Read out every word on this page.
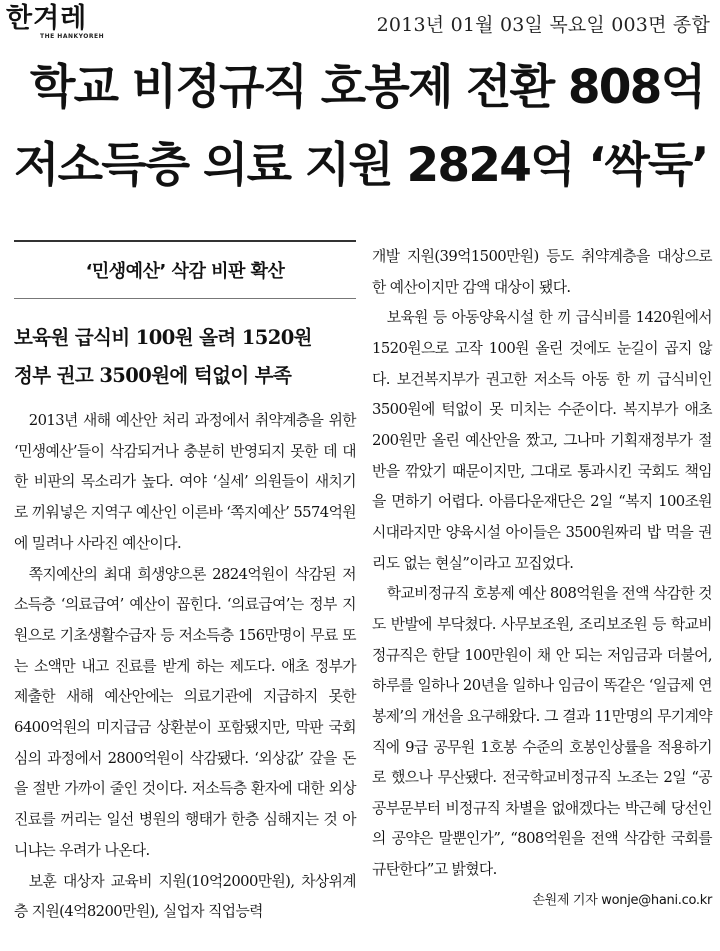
한겨레
THE HANKYOREH
2013년 01월 03일 목요일 003면 종합
학교 비정규직 호봉제 전환 808억
저소득층 의료 지원 2824억 ‘싹둑’
‘민생예산’ 삭감 비판 확산
보육원 급식비 100원 올려 1520원
정부 권고 3500원에 턱없이 부족

2013년 새해 예산안 처리 과정에서 취약계층을 위한 ‘민생예산’들이 삭감되거나 충분히 반영되지 못한 데 대한 비판의 목소리가 높다. 여야 ‘실세’ 의원들이 새치기로 끼워넣은 지역구 예산인 이른바 ‘쪽지예산’ 5574억원에 밀려나 사라진 예산이다.

쪽지예산의 최대 희생양으론 2824억원이 삭감된 저소득층 ‘의료급여’ 예산이 꼽힌다. ‘의료급여’는 정부 지원으로 기초생활수급자 등 저소득층 156만명이 무료 또는 소액만 내고 진료를 받게 하는 제도다. 애초 정부가 제출한 새해 예산안에는 의료기관에 지급하지 못한 6400억원의 미지급금 상환분이 포함됐지만, 막판 국회 심의 과정에서 2800억원이 삭감됐다. ‘외상값’ 갚을 돈을 절반 가까이 줄인 것이다. 저소득층 환자에 대한 외상 진료를 꺼리는 일선 병원의 행태가 한층 심해지는 것 아니냐는 우려가 나온다.

보훈 대상자 교육비 지원(10억2000만원), 차상위계층 지원(4억8200만원), 실업자 직업능력

개발 지원(39억1500만원) 등도 취약계층을 대상으로 한 예산이지만 감액 대상이 됐다.

보육원 등 아동양육시설 한 끼 급식비를 1420원에서 1520원으로 고작 100원 올린 것에도 눈길이 곱지 않다. 보건복지부가 권고한 저소득 아동 한 끼 급식비인 3500원에 턱없이 못 미치는 수준이다. 복지부가 애초 200원만 올린 예산안을 짰고, 그나마 기획재정부가 절반을 깎았기 때문이지만, 그대로 통과시킨 국회도 책임을 면하기 어렵다. 아름다운재단은 2일 “복지 100조원 시대라지만 양육시설 아이들은 3500원짜리 밥 먹을 권리도 없는 현실”이라고 꼬집었다.

학교비정규직 호봉제 예산 808억원을 전액 삭감한 것도 반발에 부닥쳤다. 사무보조원, 조리보조원 등 학교비정규직은 한달 100만원이 채 안 되는 저임금과 더불어, 하루를 일하나 20년을 일하나 임금이 똑같은 ‘일급제 연봉제’의 개선을 요구해왔다. 그 결과 11만명의 무기계약직에 9급 공무원 1호봉 수준의 호봉인상률을 적용하기로 했으나 무산됐다. 전국학교비정규직 노조는 2일 “공공부문부터 비정규직 차별을 없애겠다는 박근혜 당선인의 공약은 말뿐인가”, “808억원을 전액 삭감한 국회를 규탄한다”고 밝혔다.

손원제 기자 wonje@hani.co.kr
